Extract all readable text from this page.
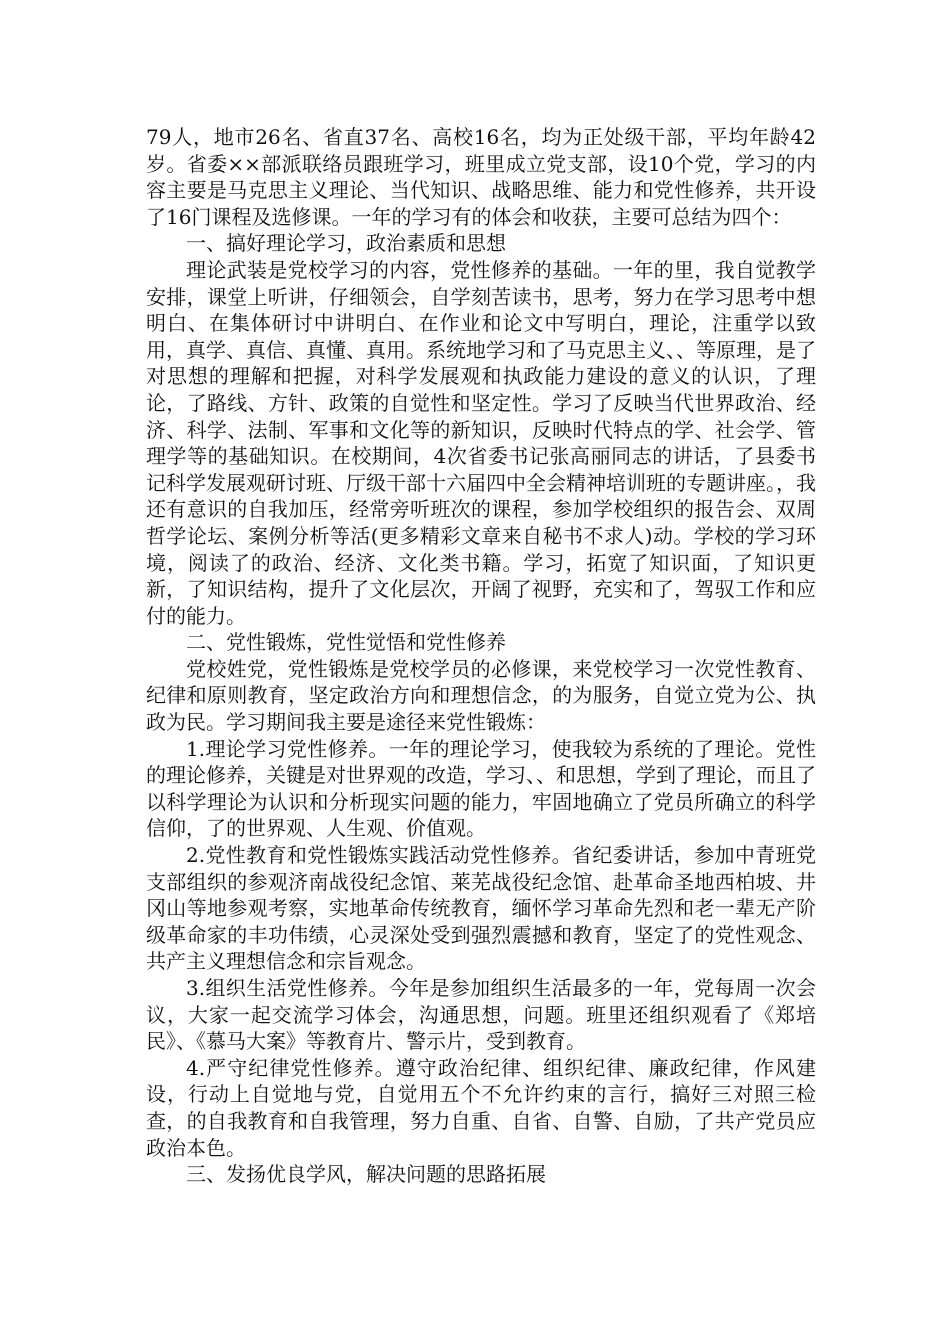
79人，地市26名、省直37名、高校16名，均为正处级干部，平均年龄42岁。省委××部派联络员跟班学习，班里成立党支部，设10个党，学习的内容主要是马克思主义理论、当代知识、战略思维、能力和党性修养，共开设了16门课程及选修课。一年的学习有的体会和收获，主要可总结为四个：

一、搞好理论学习，政治素质和思想

理论武装是党校学习的内容，党性修养的基础。一年的里，我自觉教学安排，课堂上听讲，仔细领会，自学刻苦读书，思考，努力在学习思考中想明白、在集体研讨中讲明白、在作业和论文中写明白，理论，注重学以致用，真学、真信、真懂、真用。系统地学习和了马克思主义、、等原理，是了对思想的理解和把握，对科学发展观和执政能力建设的意义的认识，了理论，了路线、方针、政策的自觉性和坚定性。学习了反映当代世界政治、经济、科学、法制、军事和文化等的新知识，反映时代特点的学、社会学、管理学等的基础知识。在校期间，4次省委书记张高丽同志的讲话，了县委书记科学发展观研讨班、厅级干部十六届四中全会精神培训班的专题讲座。，我还有意识的自我加压，经常旁听班次的课程，参加学校组织的报告会、双周哲学论坛、案例分析等活(更多精彩文章来自秘书不求人)动。学校的学习环境，阅读了的政治、经济、文化类书籍。学习，拓宽了知识面，了知识更新，了知识结构，提升了文化层次，开阔了视野，充实和了，驾驭工作和应付的能力。

二、党性锻炼，党性觉悟和党性修养

党校姓党，党性锻炼是党校学员的必修课，来党校学习一次党性教育、纪律和原则教育，坚定政治方向和理想信念，的为服务，自觉立党为公、执政为民。学习期间我主要是途径来党性锻炼：

1.理论学习党性修养。一年的理论学习，使我较为系统的了理论。党性的理论修养，关键是对世界观的改造，学习、、和思想，学到了理论，而且了以科学理论为认识和分析现实问题的能力，牢固地确立了党员所确立的科学信仰，了的世界观、人生观、价值观。

2.党性教育和党性锻炼实践活动党性修养。省纪委讲话，参加中青班党支部组织的参观济南战役纪念馆、莱芜战役纪念馆、赴革命圣地西柏坡、井冈山等地参观考察，实地革命传统教育，缅怀学习革命先烈和老一辈无产阶级革命家的丰功伟绩，心灵深处受到强烈震撼和教育，坚定了的党性观念、共产主义理想信念和宗旨观念。

3.组织生活党性修养。今年是参加组织生活最多的一年，党每周一次会议，大家一起交流学习体会，沟通思想，问题。班里还组织观看了《郑培民》、《慕马大案》等教育片、警示片，受到教育。

4.严守纪律党性修养。遵守政治纪律、组织纪律、廉政纪律，作风建设，行动上自觉地与党，自觉用五个不允许约束的言行，搞好三对照三检查，的自我教育和自我管理，努力自重、自省、自警、自励，了共产党员应政治本色。

三、发扬优良学风，解决问题的思路拓展
